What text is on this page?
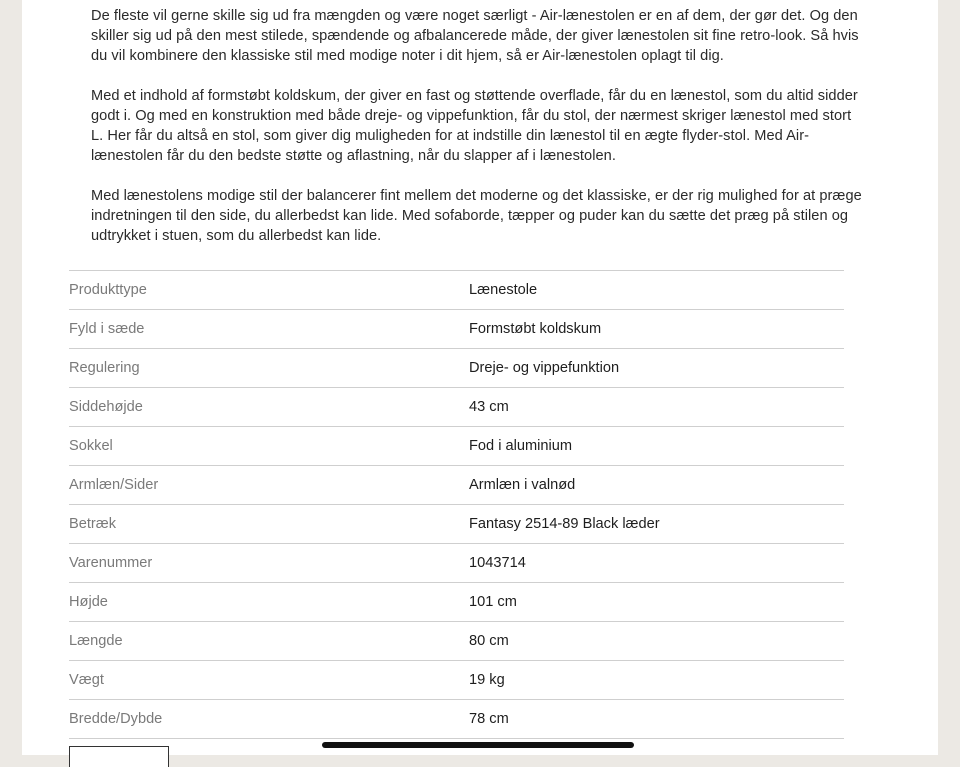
De fleste vil gerne skille sig ud fra mængden og være noget særligt - Air-lænestolen er en af dem, der gør det. Og den skiller sig ud på den mest stilede, spændende og afbalancerede måde, der giver lænestolen sit fine retro-look. Så hvis du vil kombinere den klassiske stil med modige noter i dit hjem, så er Air-lænestolen oplagt til dig.

Med et indhold af formstøbt koldskum, der giver en fast og støttende overflade, får du en lænestol, som du altid sidder godt i. Og med en konstruktion med både dreje- og vippefunktion, får du stol, der nærmest skriger lænestol med stort L. Her får du altså en stol, som giver dig muligheden for at indstille din lænestol til en ægte flyder-stol. Med Air-lænestolen får du den bedste støtte og aflastning, når du slapper af i lænestolen.

Med lænestolens modige stil der balancerer fint mellem det moderne og det klassiske, er der rig mulighed for at præge indretningen til den side, du allerbedst kan lide. Med sofaborde, tæpper og puder kan du sætte det præg på stilen og udtrykket i stuen, som du allerbedst kan lide.

Produkttype	Lænestole
Fyld i sæde	Formstøbt koldskum
Regulering	Dreje- og vippefunktion
Siddehøjde	43 cm
Sokkel	Fod i aluminium
Armlæn/Sider	Armlæn i valnød
Betræk	Fantasy 2514-89 Black læder
Varenummer	1043714
Højde	101 cm
Længde	80 cm
Vægt	19 kg
Bredde/Dybde	78 cm
